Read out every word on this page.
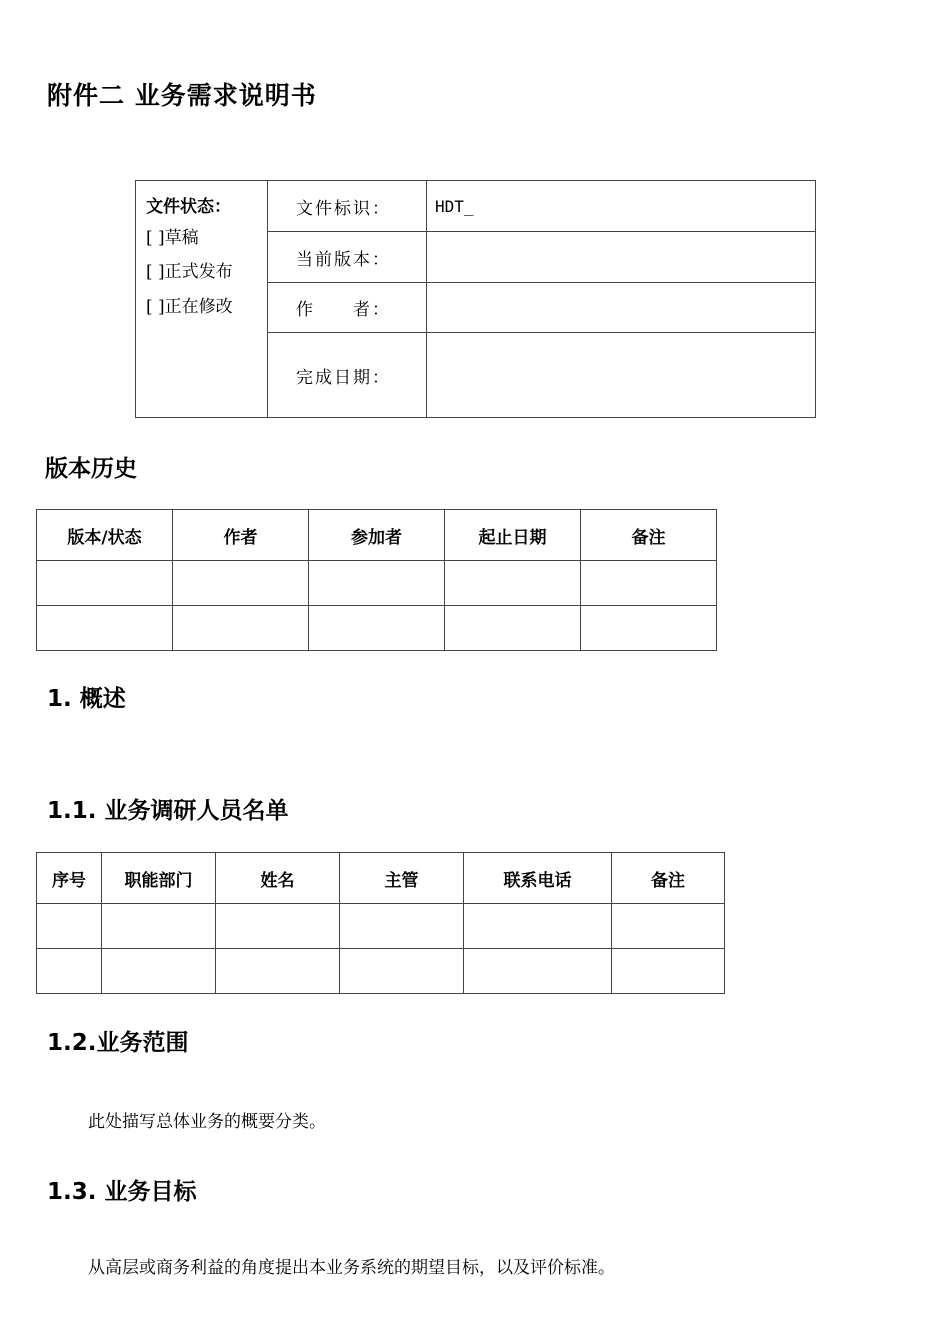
附件二 业务需求说明书
文件状态：
[ ]草稿
[ ]正式发布
[ ]正在修改	文件标识：	HDT_
	当前版本：	
	作　　者：	
	完成日期：	
版本历史
版本/状态	作者	参加者	起止日期	备注

1. 概述
1.1. 业务调研人员名单
序号	职能部门	姓名	主管	联系电话	备注

1.2.业务范围
此处描写总体业务的概要分类。
1.3. 业务目标
从高层或商务利益的角度提出本业务系统的期望目标，以及评价标准。
